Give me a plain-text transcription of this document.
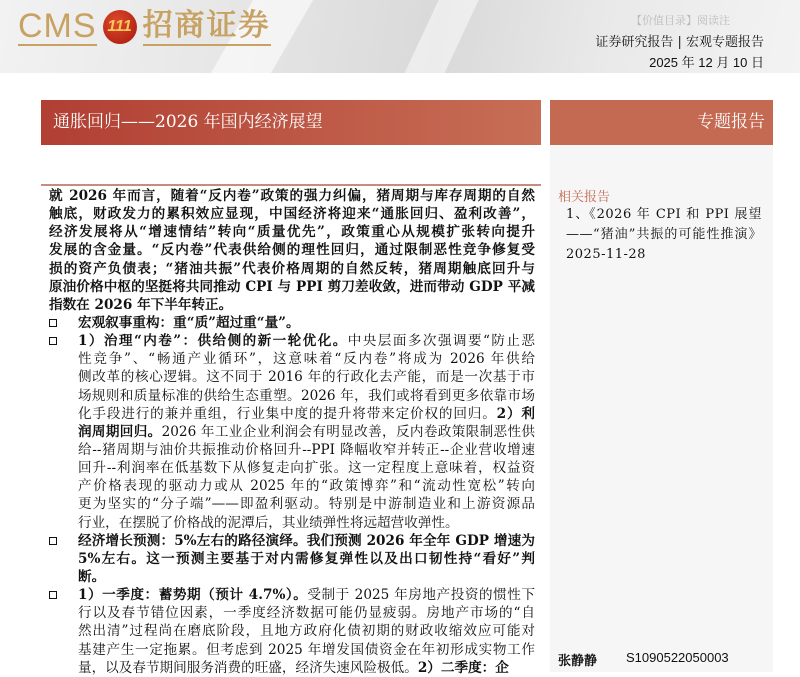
CMS 111 招商证券	【价值目录】阅读注
证券研究报告 | 宏观专题报告
2025 年 12 月 10 日
通胀回归——2026 年国内经济展望	专题报告
相关报告
1、《2026 年 CPI 和 PPI 展望——“猪油”共振的可能性推演》2025-11-28
张静静 S1090522050003
就 2026 年而言，随着“反内卷”政策的强力纠偏，猪周期与库存周期的自然
触底，财政发力的累积效应显现，中国经济将迎来“通胀回归、盈利改善”，
经济发展将从“增速情结”转向“质量优先”，政策重心从规模扩张转向提升
发展的含金量。“反内卷”代表供给侧的理性回归，通过限制恶性竞争修复受
损的资产负债表；“猪油共振”代表价格周期的自然反转，猪周期触底回升与
原油价格中枢的坚挺将共同推动 CPI 与 PPI 剪刀差收敛，进而带动 GDP 平减
指数在 2026 年下半年转正。
宏观叙事重构：重“质”超过重“量”。
1）治理“内卷”：供给侧的新一轮优化。中央层面多次强调要“防止恶
性竞争”、“畅通产业循环”，这意味着“反内卷”将成为 2026 年供给
侧改革的核心逻辑。这不同于 2016 年的行政化去产能，而是一次基于市
场规则和质量标准的供给生态重塑。2026 年，我们或将看到更多依靠市场
化手段进行的兼并重组，行业集中度的提升将带来定价权的回归。2）利
润周期回归。2026 年工业企业利润会有明显改善，反内卷政策限制恶性供
给--猪周期与油价共振推动价格回升--PPI 降幅收窄并转正--企业营收增速
回升--利润率在低基数下从修复走向扩张。这一定程度上意味着，权益资
产价格表现的驱动力或从 2025 年的“政策博弈”和“流动性宽松”转向
更为坚实的“分子端”——即盈利驱动。特别是中游制造业和上游资源品
行业，在摆脱了价格战的泥潭后，其业绩弹性将远超营收弹性。
经济增长预测：5%左右的路径演绎。我们预测 2026 年全年 GDP 增速为
5%左右。这一预测主要基于对内需修复弹性以及出口韧性持“看好”判
断。
1）一季度：蓄势期（预计 4.7%）。受制于 2025 年房地产投资的惯性下
行以及春节错位因素，一季度经济数据可能仍显疲弱。房地产市场的“自
然出清”过程尚在磨底阶段，且地方政府化债初期的财政收缩效应可能对
基建产生一定拖累。但考虑到 2025 年增发国债资金在年初形成实物工作
量，以及春节期间服务消费的旺盛，经济失速风险极低。2）二季度：企
